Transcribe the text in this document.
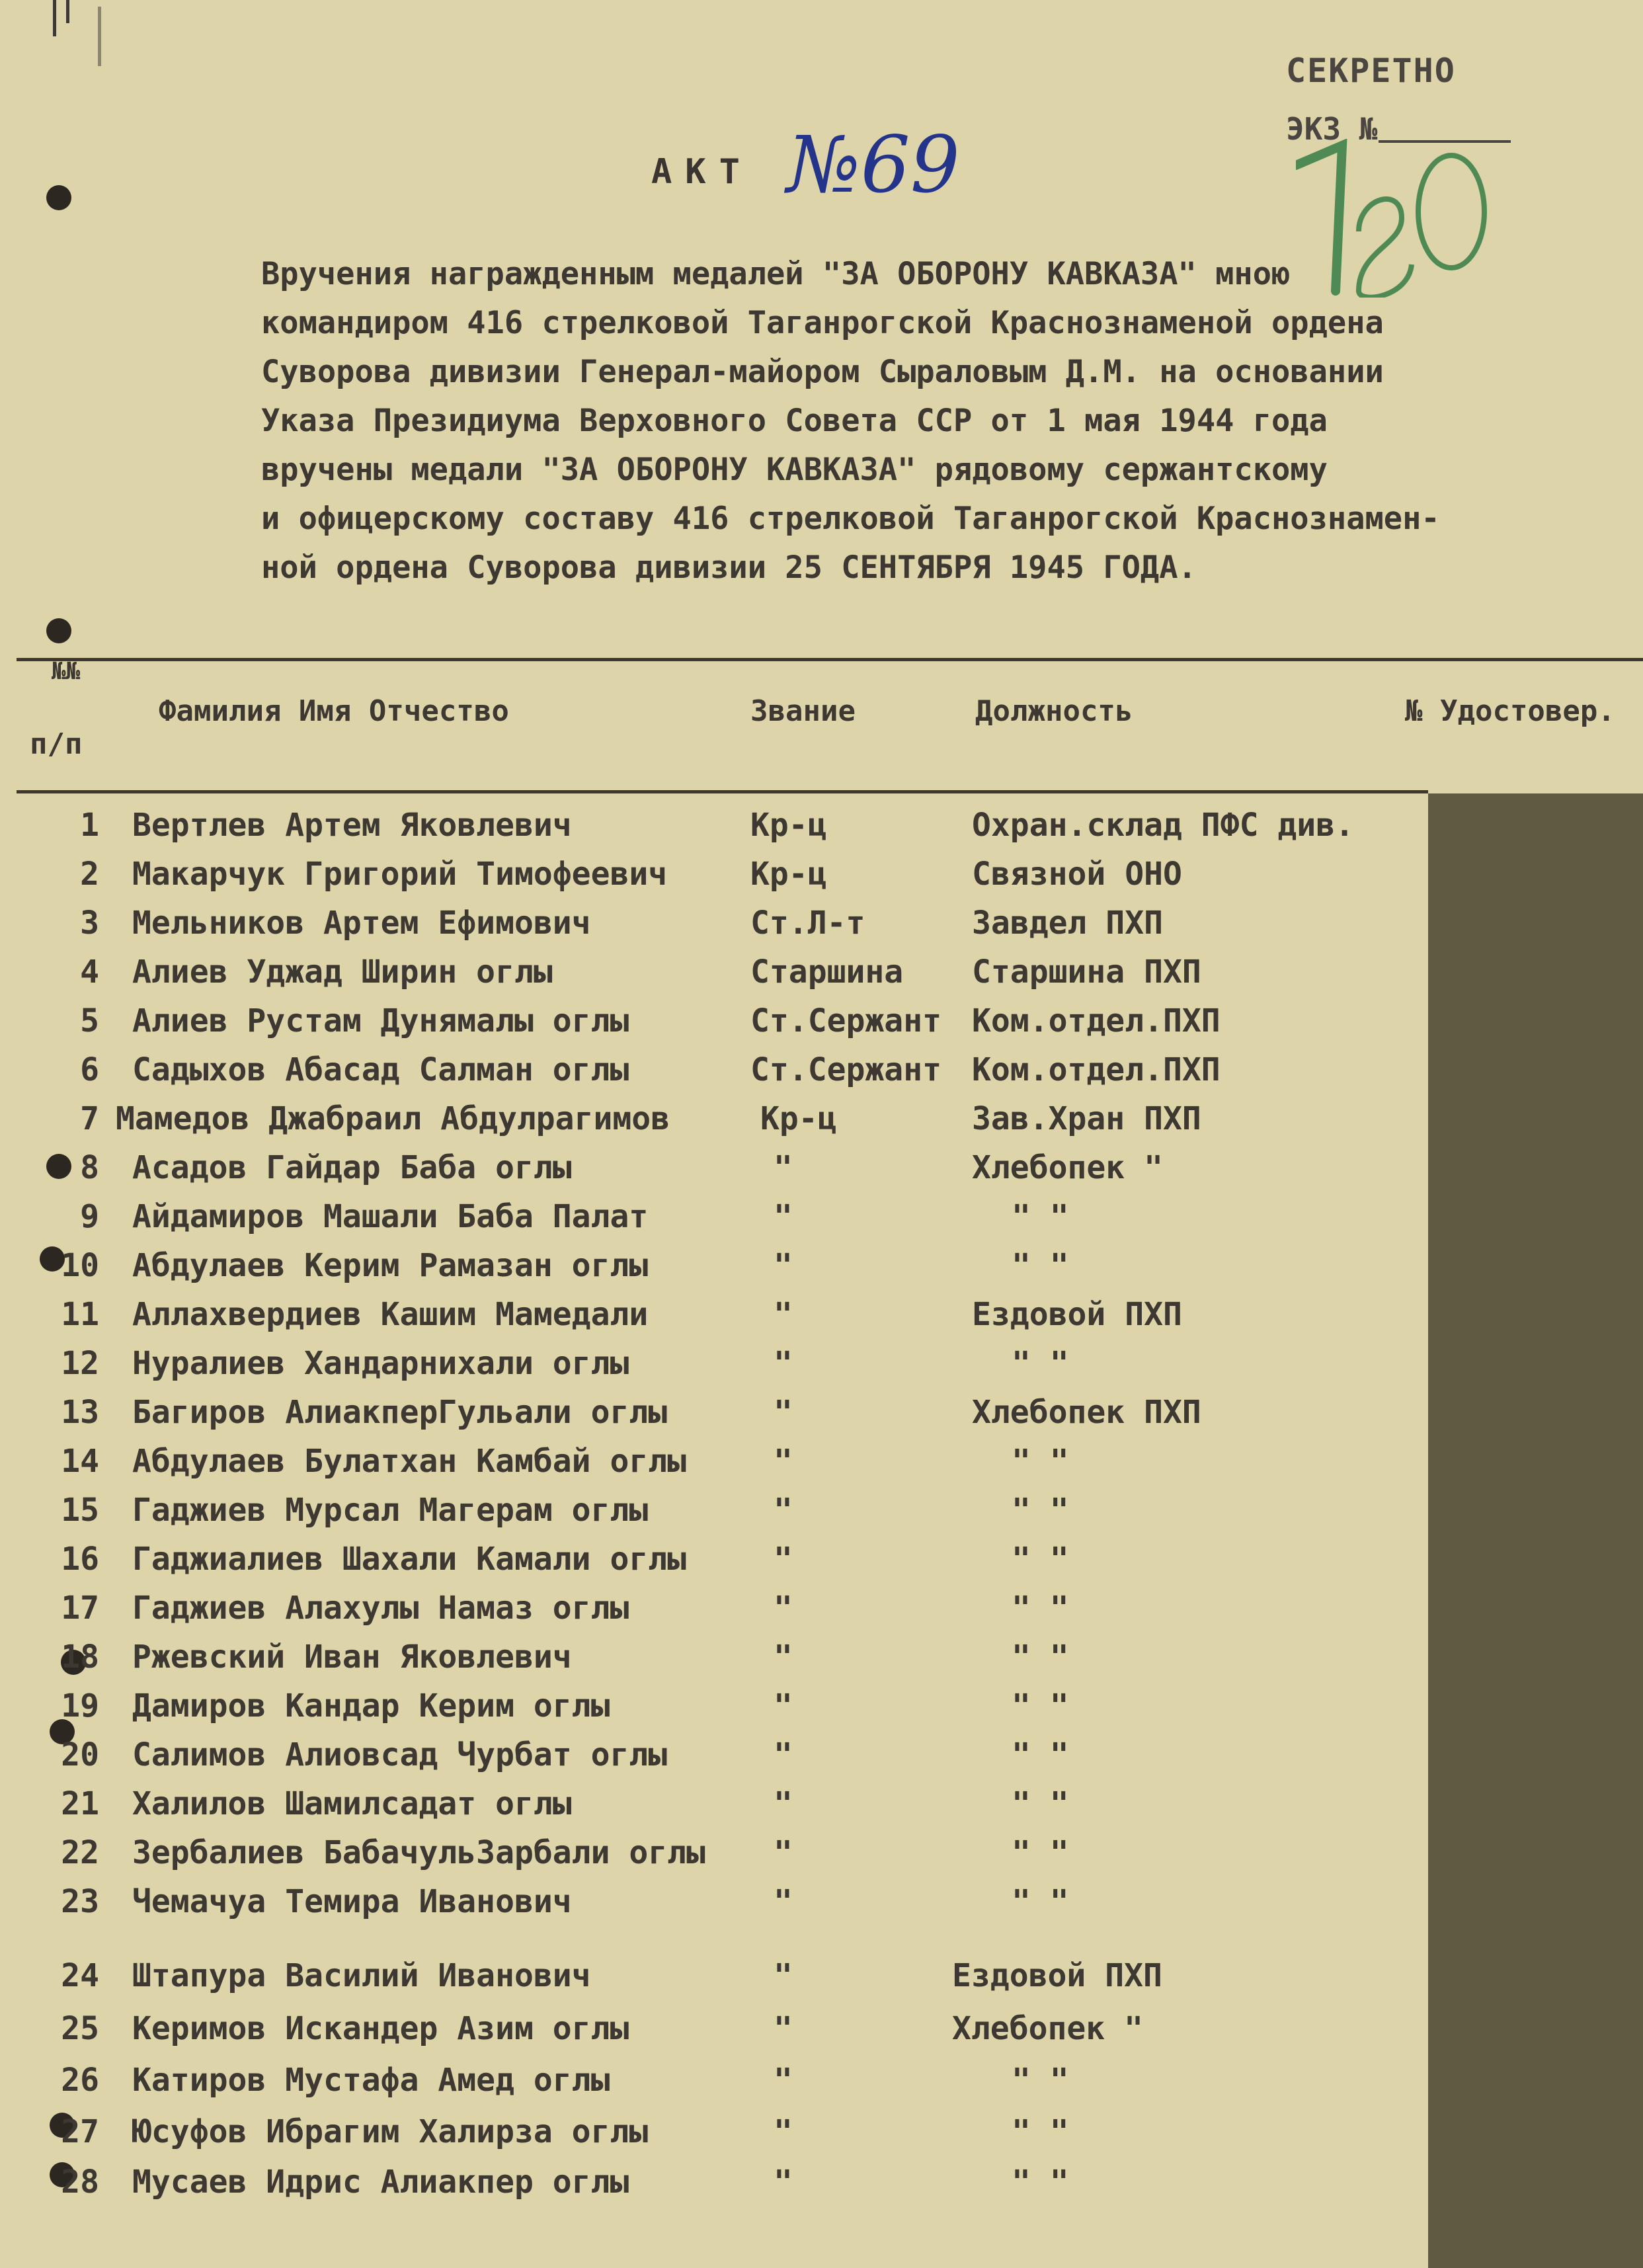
СЕКРЕТНО
ЭКЗ №
АКТ №69
Вручения награжденным медалей "ЗА ОБОРОНУ КАВКАЗА" мною
командиром 416 стрелковой Таганрогской Краснознаменой ордена
Суворова дивизии Генерал-майором Сыраловым Д.М. на основании
Указа Президиума Верховного Совета ССР от 1 мая 1944 года
вручены медали "ЗА ОБОРОНУ КАВКАЗА" рядовому сержантскому
и офицерскому составу 416 стрелковой Таганрогской Краснознамен-
ной ордена Суворова дивизии 25 СЕНТЯБРЯ 1945 ГОДА.
№№
п/п
Фамилия Имя Отчество	Звание	Должность	№ Удостовер.
1 Вертлев Артем Яковлевич	Кр-ц	Охран.склад ПФС див.
2 Макарчук Григорий Тимофеевич	Кр-ц	Связной ОНО
3 Мельников Артем Ефимович	Ст.Л-т	Завдел ПХП
4 Алиев Уджад Ширин оглы	Старшина Старшина ПХП
5 Алиев Рустам Дунямалы оглы	Ст.Сержант Ком.отдел.ПХП
6 Садыхов Абасад Салман оглы	Ст.Сержант Ком.отдел.ПХП
7 Мамедов Джабраил Абдулрагимов	Кр-ц	Зав.Хран ПХП
8 Асадов Гайдар Баба оглы	"	Хлебопек "
9 Айдамиров Машали Баба Палат	"	" "
10 Абдулаев Керим Рамазан оглы	"	" "
11 Аллахвердиев Кашим Мамедали	"	Ездовой ПХП
12 Нуралиев Хандарнихали оглы	"	" "
13 Багиров АлиакперГульали оглы	"	Хлебопек ПХП
14 Абдулаев Булатхан Камбай оглы	"	" "
15 Гаджиев Мурсал Магерам оглы	"	" "
16 Гаджиалиев Шахали Камали оглы	"	" "
17 Гаджиев Алахулы Намаз оглы	"	" "
18 Ржевский Иван Яковлевич	"	" "
19 Дамиров Кандар Керим оглы	"	" "
20 Салимов Алиовсад Чурбат оглы	"	" "
21 Халилов Шамилсадат оглы	"	" "
22 Зербалиев БабачульЗарбали оглы "	" "
23 Чемачуа Темира Иванович	"	" "
24 Штапура Василий Иванович	"	Ездовой ПХП
25 Керимов Искандер Азим оглы	"	Хлебопек "
26 Катиров Мустафа Амед оглы	"	" "
27 Юсуфов Ибрагим Халирза оглы	"	" "
28 Мусаев Идрис Алиакпер оглы	"	" "
